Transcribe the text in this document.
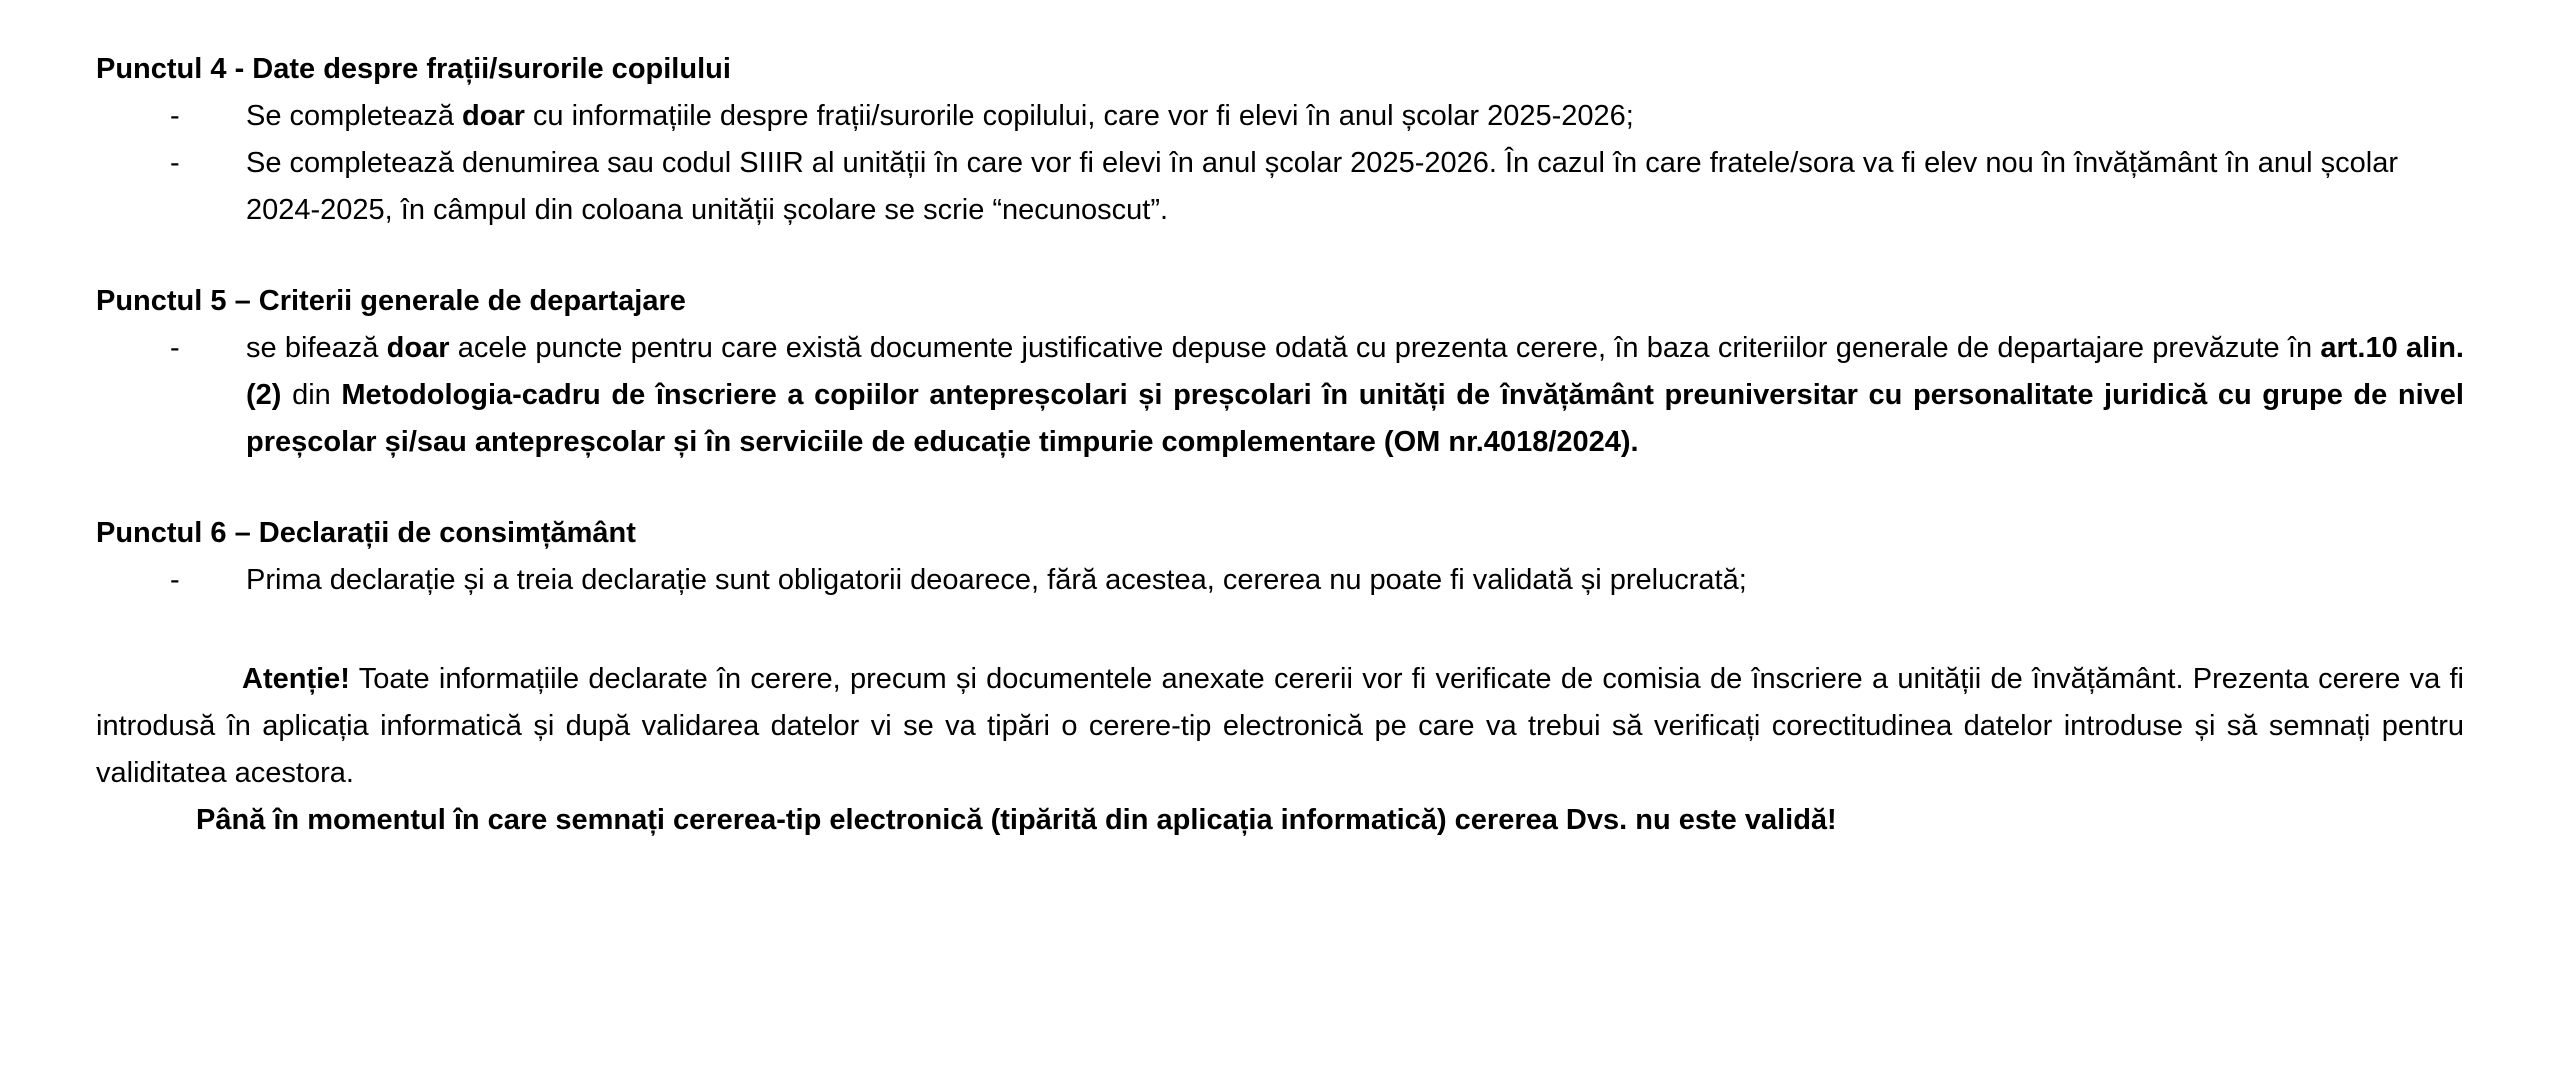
Punctul 4 - Date despre frații/surorile copilului
-	Se completează doar cu informațiile despre frații/surorile copilului, care vor fi elevi în anul școlar 2025-2026;
-	Se completează denumirea sau codul SIIIR al unității în care vor fi elevi în anul școlar 2025-2026. În cazul în care fratele/sora va fi elev nou în învățământ în anul școlar 2024-2025, în câmpul din coloana unității școlare se scrie “necunoscut”.
Punctul 5 – Criterii generale de departajare
-	se bifează doar acele puncte pentru care există documente justificative depuse odată cu prezenta cerere, în baza criteriilor generale de departajare prevăzute în art.10 alin.(2) din Metodologia-cadru de înscriere a copiilor antepreșcolari și preșcolari în unități de învățământ preuniversitar cu personalitate juridică cu grupe de nivel preșcolar și/sau antepreșcolar și în serviciile de educație timpurie complementare (OM nr.4018/2024).
Punctul 6 – Declarații de consimțământ
-	Prima declarație și a treia declarație sunt obligatorii deoarece, fără acestea, cererea nu poate fi validată și prelucrată;

Atenție! Toate informațiile declarate în cerere, precum și documentele anexate cererii vor fi verificate de comisia de înscriere a unității de învățământ. Prezenta cerere va fi introdusă în aplicația informatică și după validarea datelor vi se va tipări o cerere-tip electronică pe care va trebui să verificați corectitudinea datelor introduse și să semnați pentru validitatea acestora.

Până în momentul în care semnați cererea-tip electronică (tipărită din aplicația informatică) cererea Dvs. nu este validă!
